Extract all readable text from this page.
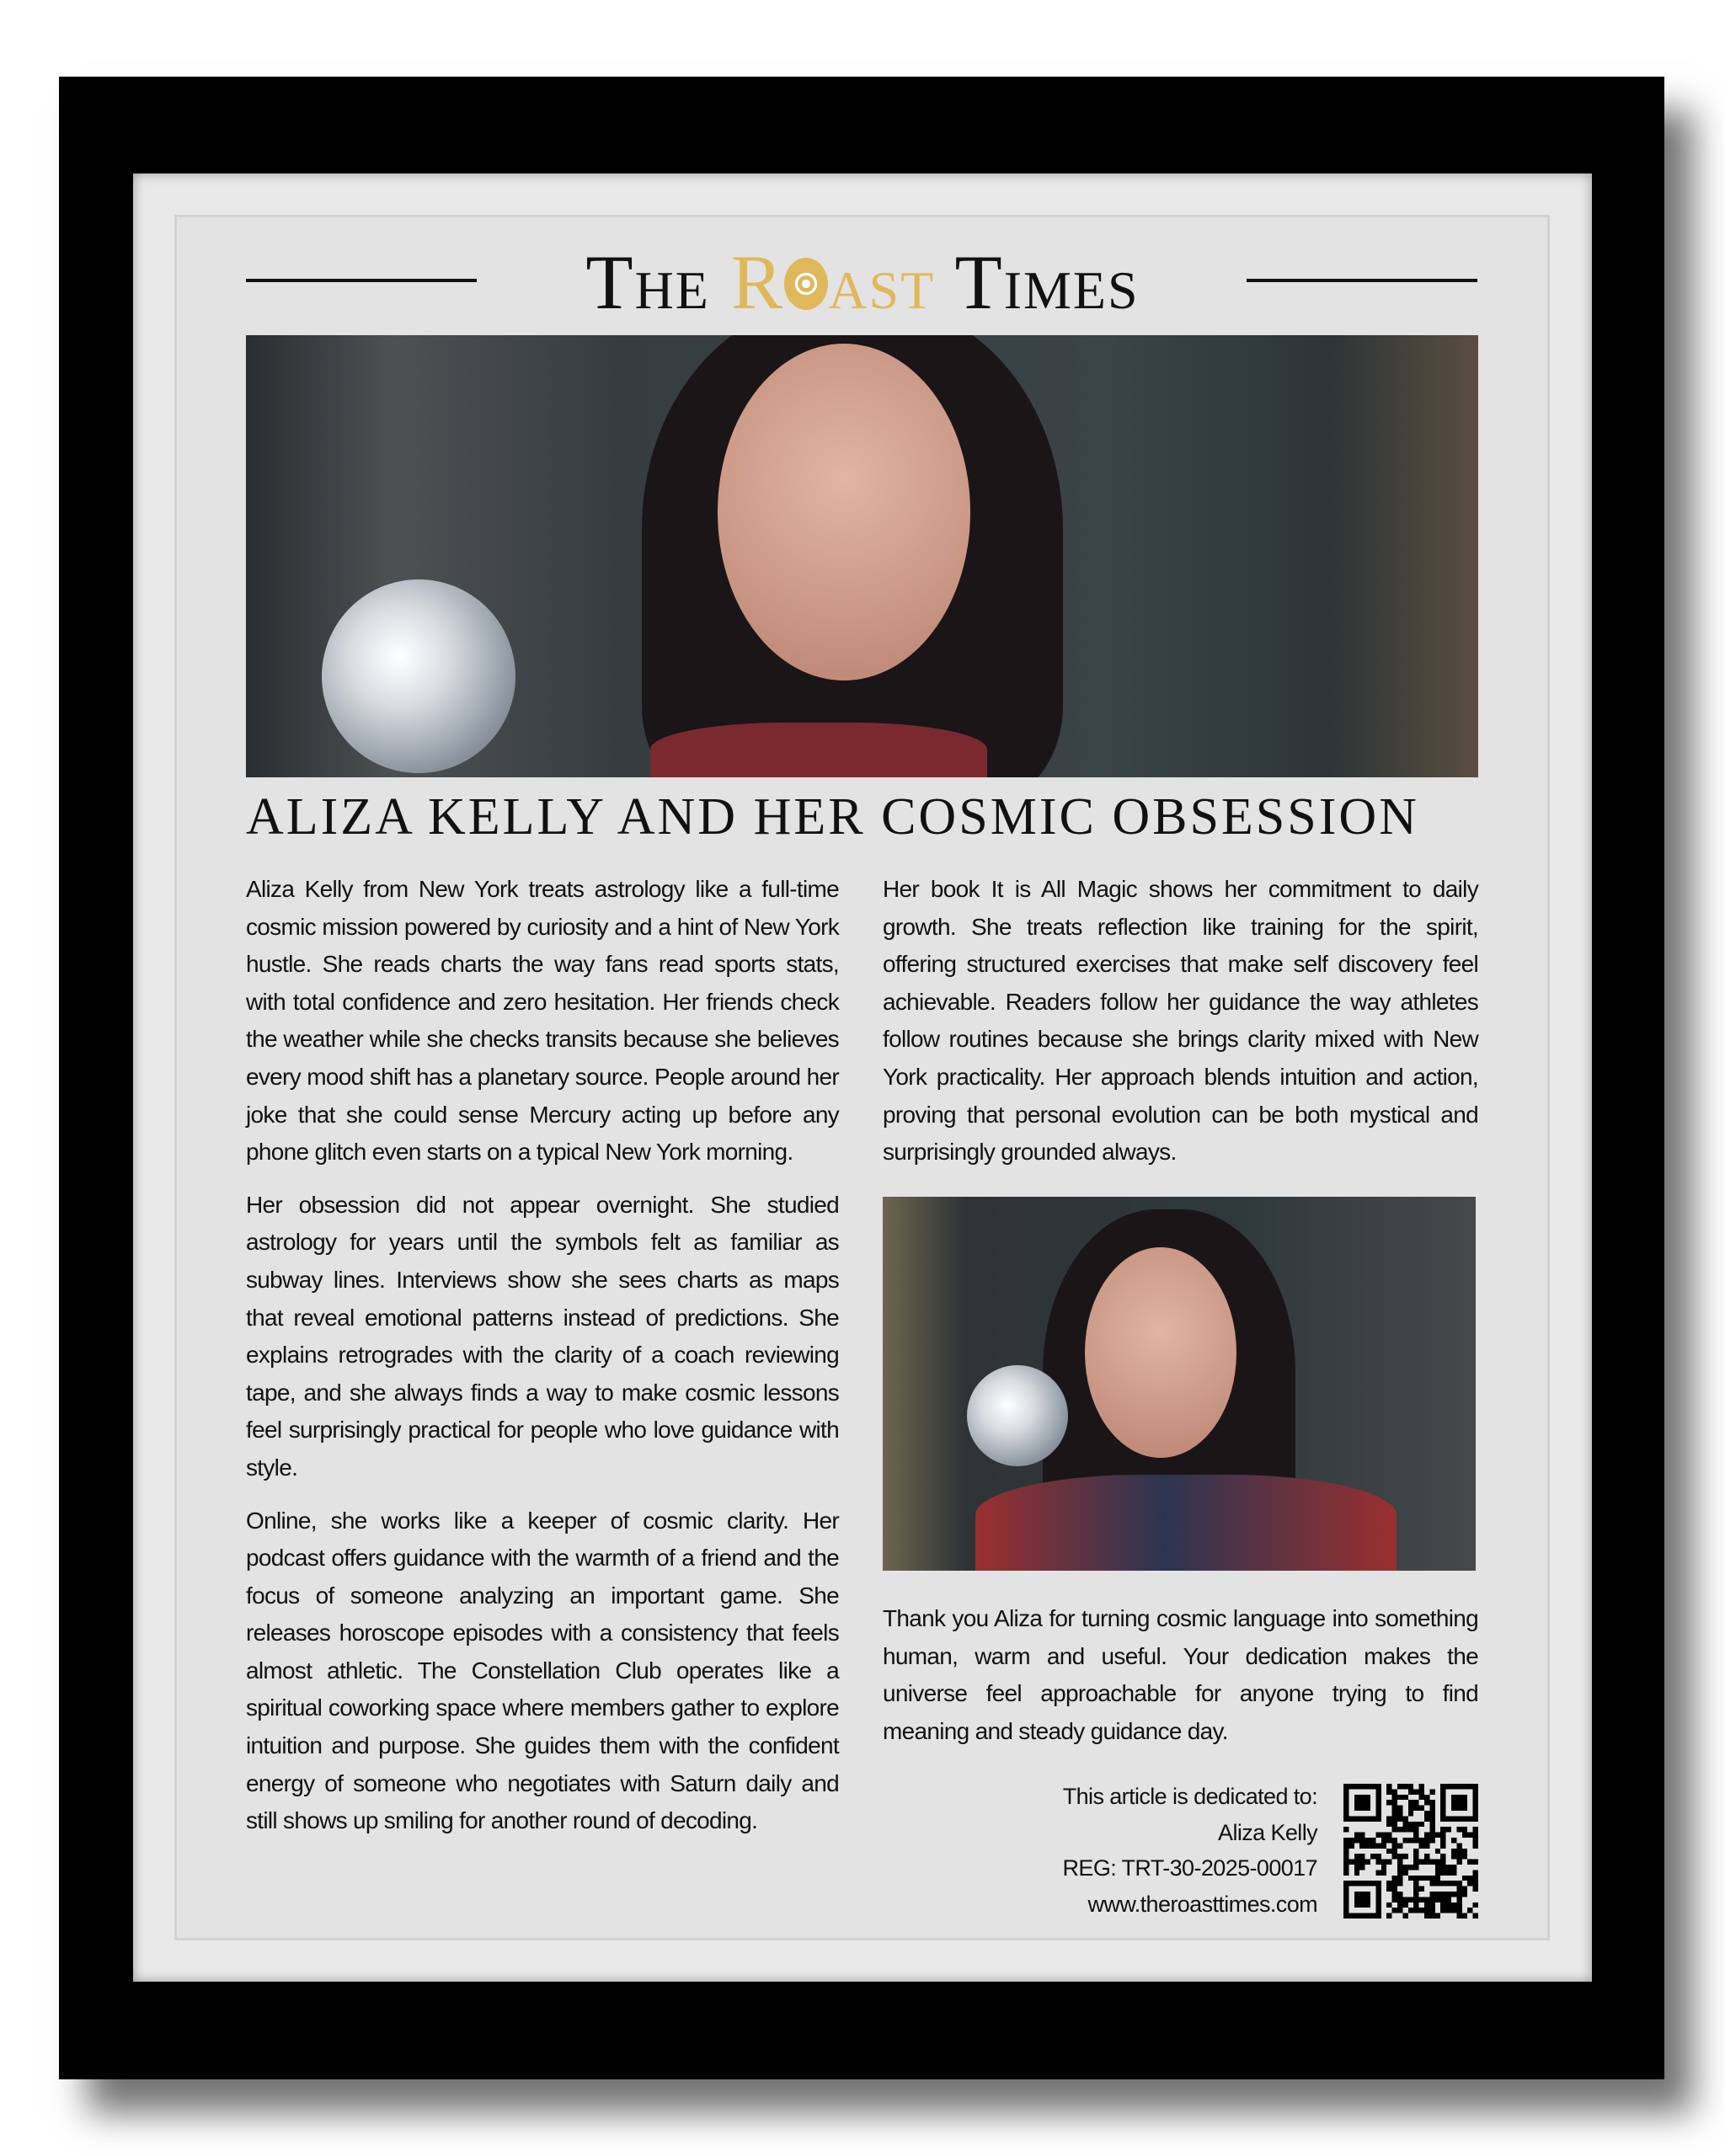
The R ast Times
ALIZA KELLY AND HER COSMIC OBSESSION

Aliza Kelly from New York treats astrology like a full-time cosmic mission powered by curiosity and a hint of New York hustle. She reads charts the way fans read sports stats, with total confidence and zero hesitation. Her friends check the weather while she checks transits because she believes every mood shift has a planetary source. People around her joke that she could sense Mercury acting up before any phone glitch even starts on a typical New York morning.

Her obsession did not appear overnight. She studied astrology for years until the symbols felt as familiar as subway lines. Interviews show she sees charts as maps that reveal emotional patterns instead of predictions. She explains retrogrades with the clarity of a coach reviewing tape, and she always finds a way to make cosmic lessons feel surprisingly practical for people who love guidance with style.

Online, she works like a keeper of cosmic clarity. Her podcast offers guidance with the warmth of a friend and the focus of someone analyzing an important game. She releases horoscope episodes with a consistency that feels almost athletic. The Constellation Club operates like a spiritual coworking space where members gather to explore intuition and purpose. She guides them with the confident energy of someone who negotiates with Saturn daily and still shows up smiling for another round of decoding.

Her book It is All Magic shows her commitment to daily growth. She treats reflection like training for the spirit, offering structured exercises that make self discovery feel achievable. Readers follow her guidance the way athletes follow routines because she brings clarity mixed with New York practicality. Her approach blends intuition and action, proving that personal evolution can be both mystical and surprisingly grounded always.

Thank you Aliza for turning cosmic language into something human, warm and useful. Your dedication makes the universe feel approachable for anyone trying to find meaning and steady guidance day.

This article is dedicated to:
Aliza Kelly
REG: TRT-30-2025-00017
www.theroasttimes.com
